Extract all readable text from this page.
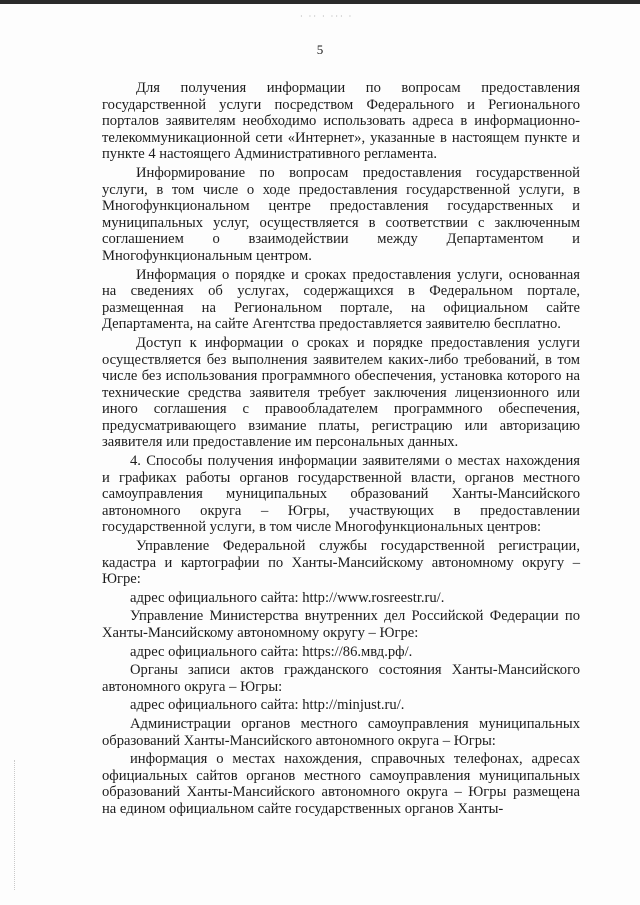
· ·· · ··· ·
5

Для получения информации по вопросам предоставления государственной услуги посредством Федерального и Регионального порталов заявителям необходимо использовать адреса в информационно-телекоммуникационной сети «Интернет», указанные в настоящем пункте и пункте 4 настоящего Административного регламента.

Информирование по вопросам предоставления государственной услуги, в том числе о ходе предоставления государственной услуги, в Многофункциональном центре предоставления государственных и муниципальных услуг, осуществляется в соответствии с заключенным соглашением о взаимодействии между Департаментом и Многофункциональным центром.

Информация о порядке и сроках предоставления услуги, основанная на сведениях об услугах, содержащихся в Федеральном портале, размещенная на Региональном портале, на официальном сайте Департамента, на сайте Агентства предоставляется заявителю бесплатно.

Доступ к информации о сроках и порядке предоставления услуги осуществляется без выполнения заявителем каких-либо требований, в том числе без использования программного обеспечения, установка которого на технические средства заявителя требует заключения лицензионного или иного соглашения с правообладателем программного обеспечения, предусматривающего взимание платы, регистрацию или авторизацию заявителя или предоставление им персональных данных.

4. Способы получения информации заявителями о местах нахождения и графиках работы органов государственной власти, органов местного самоуправления муниципальных образований Ханты-Мансийского автономного округа – Югры, участвующих в предоставлении государственной услуги, в том числе Многофункциональных центров:

Управление Федеральной службы государственной регистрации, кадастра и картографии по Ханты-Мансийскому автономному округу – Югре:

адрес официального сайта: http://www.rosreestr.ru/.

Управление Министерства внутренних дел Российской Федерации по Ханты-Мансийскому автономному округу – Югре:

адрес официального сайта: https://86.мвд.рф/.

Органы записи актов гражданского состояния Ханты-Мансийского автономного округа – Югры:

адрес официального сайта: http://minjust.ru/.

Администрации органов местного самоуправления муниципальных образований Ханты-Мансийского автономного округа – Югры:

информация о местах нахождения, справочных телефонах, адресах официальных сайтов органов местного самоуправления муниципальных образований Ханты-Мансийского автономного округа – Югры размещена на едином официальном сайте государственных органов Ханты-
